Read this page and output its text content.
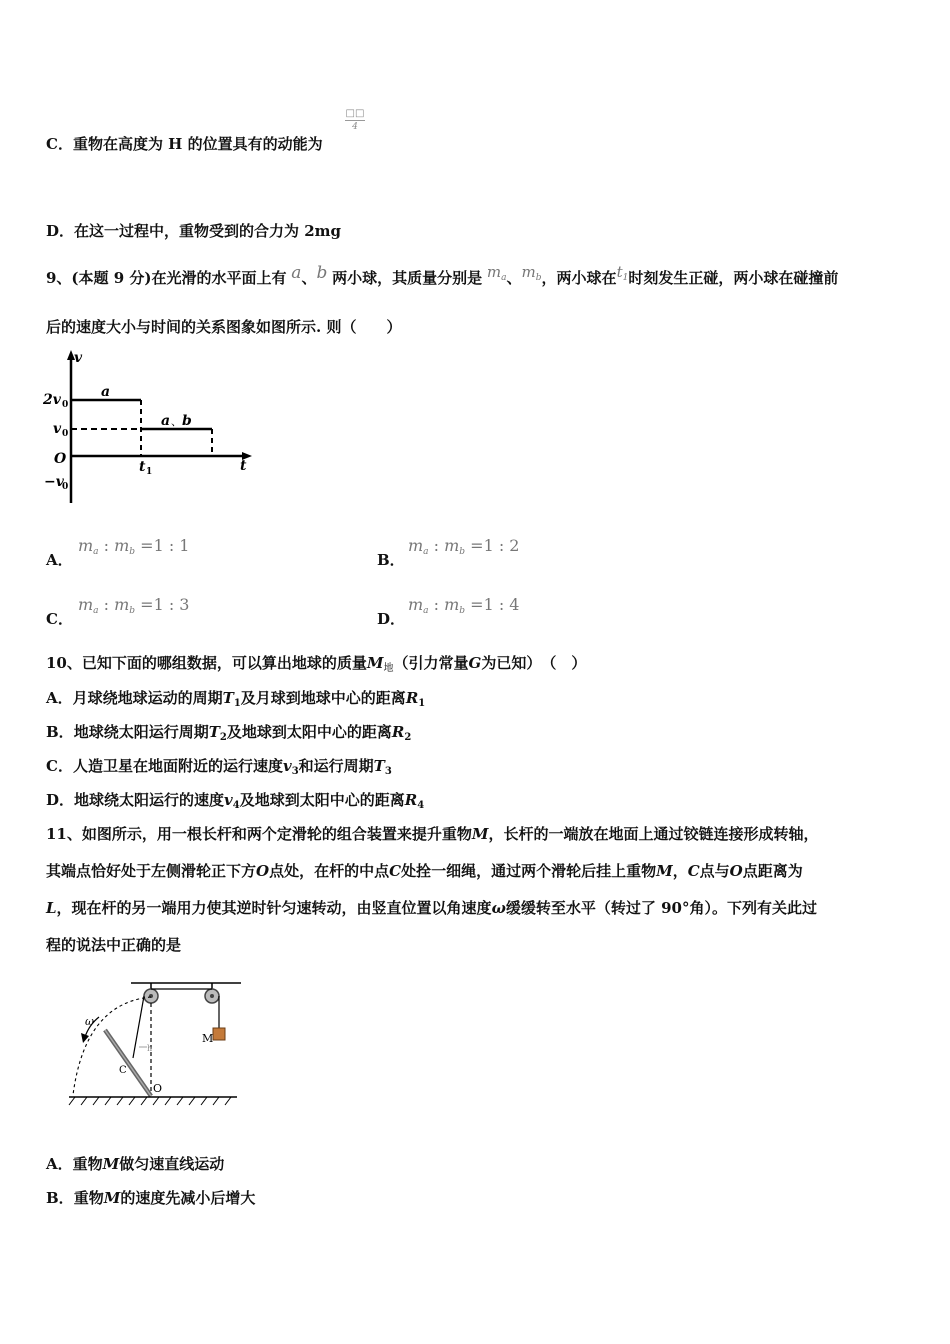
C．重物在高度为 H 的位置具有的动能为
□□
4
D．在这一过程中，重物受到的合力为 2mg
9、(本题 9 分)在光滑的水平面上有 a、b 两小球，其质量分别是 $m_a$、$m_b$，两小球在$t_1$时刻发生正碰，两小球在碰撞前
后的速度大小与时间的关系图象如图所示. 则（　　）
v
t
2v 0
v 0
O
−v
0
t 1
a
a 、 b
A．
$m_a$ : $m_b =1$ : 1
B．
$m_a$ : $m_b =1$ : 2
C．
$m_a$ : $m_b =1$ : 3
D．
$m_a$ : $m_b =1$ : 4
10、已知下面的哪组数据，可以算出地球的质量$M_地$（引力常量G为已知）　（　）
A．月球绕地球运动的周期$T_1$及月球到地球中心的距离$R_1$
B．地球绕太阳运行周期$T_2$及地球到太阳中心的距离$R_2$
C．人造卫星在地面附近的运行速度$v_3$和运行周期$T_3$
D．地球绕太阳运行的速度$v_4$及地球到太阳中心的距离$R_4$
11、如图所示，用一根长杆和两个定滑轮的组合装置来提升重物M，长杆的一端放在地面上通过铰链连接形成转轴，
其端点恰好处于左侧滑轮正下方O点处，在杆的中点C处拴一细绳，通过两个滑轮后挂上重物M，C点与O点距离为
L，现在杆的另一端用力使其逆时针匀速转动，由竖直位置以角速度ω缓缓转至水平（转过了 90°角）。下列有关此过
程的说法中正确的是
M
h
ω
C
O
A．重物M做匀速直线运动
B．重物M的速度先减小后增大
